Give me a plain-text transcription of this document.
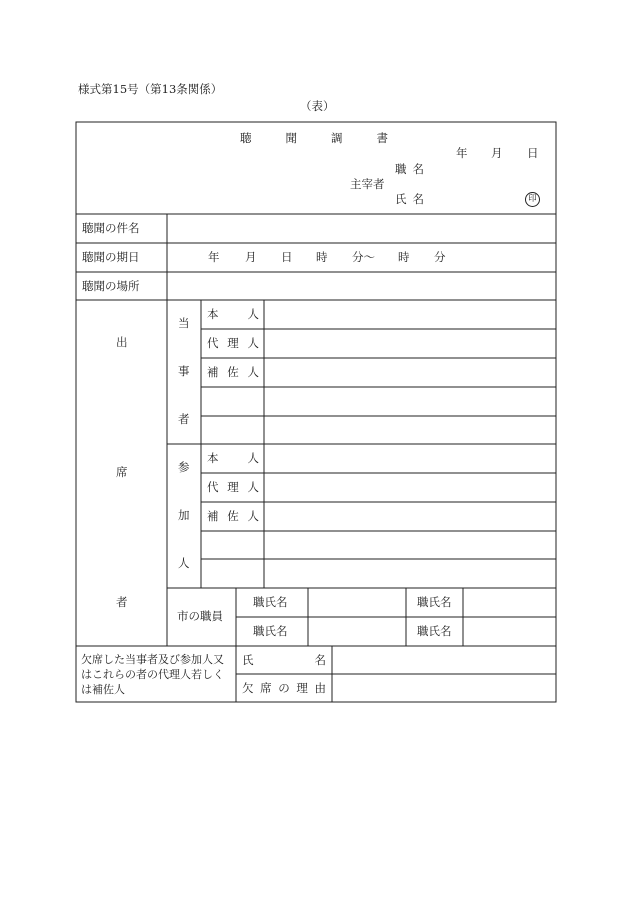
様式第15号（第13条関係）
（表）
聴聞調書
年 月 日
職名
主宰者
氏名	印
聴聞の件名
聴聞の期日	年 月 日 時 分～ 時 分
聴聞の場所
出
席
者
当
事
者
本人
代理人
補佐人
参
加
人
本人
代理人
補佐人
市の職員
職氏名
職氏名
職氏名
職氏名
欠席した当事者及び参加人又はこれらの者の代理人若しくは補佐人
氏名
欠席の理由
